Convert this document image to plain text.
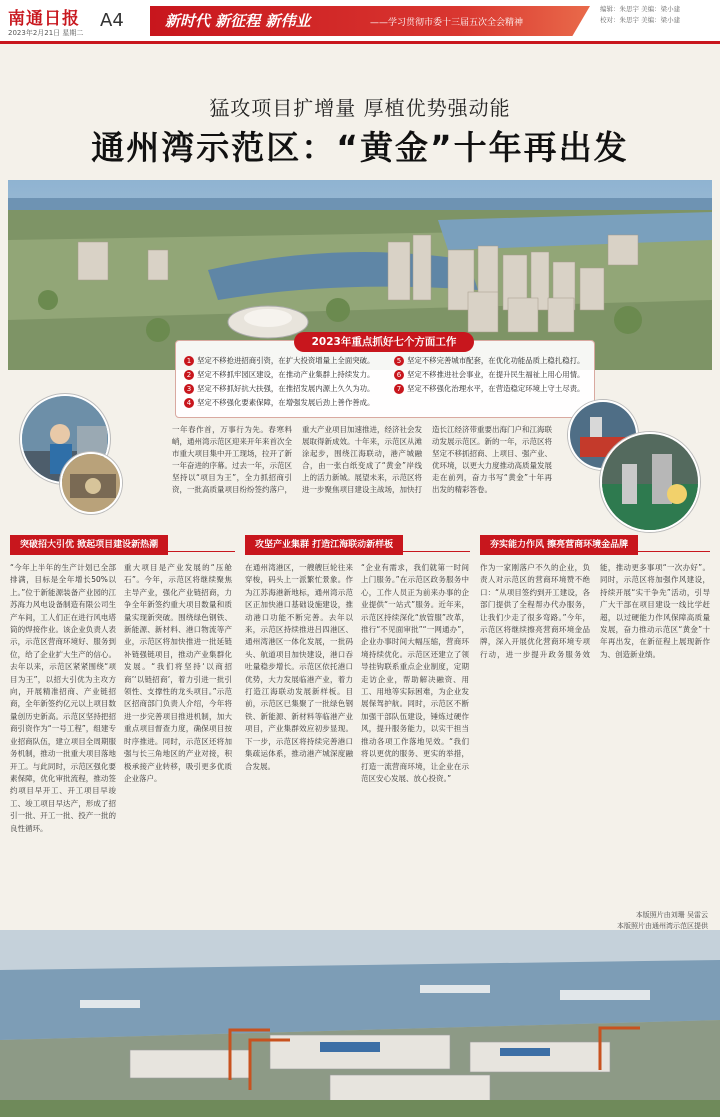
南通日报
2023年2月21日 星期二
A4	新时代 新征程 新伟业	——学习贯彻市委十三届五次全会精神
编辑：朱思宇 美编：梁小建
校对：朱思宇 美编：梁小建
猛攻项目扩增量 厚植优势强动能
通州湾示范区：“黄金”十年再出发
2023年重点抓好七个方面工作
1 坚定不移抢进招商引资，在扩大投资增量上全面突破。
2 坚定不移抓牢园区建设，在推动产业集群上持续发力。
3 坚定不移抓好抗大扶强，在推招发展内源上久久为功。
4 坚定不移强化要素保障，在增强发展后劲上善作善成。
5 坚定不移完善城市配套，在优化功能品质上稳扎稳打。
6 坚定不移推进社会事业，在提升民生福祉上用心用情。
7 坚定不移强化治理水平，在营造稳定环境上守土尽责。
一年春作首，万事行为先。春寒料峭，通州湾示范区迎来开年来首次全市重大项目集中开工现场，拉开了新一年奋进的序幕。过去一年，示范区坚持以“项目为王”，全力抓招商引资，一批高质量项目纷纷签约落户，重大产业项目加速推进，经济社会发展取得新成效。十年来，示范区从滩涂起步，围绕江海联动，港产城融合，由一张白纸变成了“黄金”岸线上的活力新城。展望未来，示范区将进一步聚焦项目建设主战场，加快打造长江经济带重要出海门户和江海联动发展示范区。新的一年，示范区将坚定不移抓招商、上项目、强产业、优环境，以更大力度推动高质量发展走在前列，奋力书写“黄金”十年再出发的精彩答卷。
突破招大引优 掀起项目建设新热潮	攻坚产业集群 打造江海联动新样板	夯实能力作风 擦亮营商环境金品牌
“今年上半年的生产计划已全部排满，目标是全年增长50%以上。”位于新能源装备产业园的江苏海力风电设备制造有限公司生产车间，工人们正在进行风电塔筒的焊接作业。该企业负责人表示，示范区营商环境好、服务到位，给了企业扩大生产的信心。去年以来，示范区紧紧围绕“项目为王”，以招大引优为主攻方向，开展精准招商、产业链招商，全年新签约亿元以上项目数量创历史新高。示范区坚持把招商引资作为“一号工程”，组建专业招商队伍，建立项目全周期服务机制，推动一批重大项目落地开工。与此同时，示范区强化要素保障，优化审批流程，推动签约项目早开工、开工项目早竣工、竣工项目早达产，形成了招引一批、开工一批、投产一批的良性循环。
重大项目是产业发展的“压舱石”。今年，示范区将继续聚焦主导产业，强化产业链招商，力争全年新签约重大项目数量和质量实现新突破。围绕绿色钢铁、新能源、新材料、港口物流等产业，示范区将加快推进一批延链补链强链项目，推动产业集群化发展。“我们将坚持‘以商招商’‘以链招商’，着力引进一批引领性、支撑性的龙头项目。”示范区招商部门负责人介绍，今年将进一步完善项目推进机制，加大重点项目督查力度，确保项目按时序推进。同时，示范区还将加强与长三角地区的产业对接，积极承接产业转移，吸引更多优质企业落户。
在通州湾港区，一艘艘巨轮往来穿梭，码头上一派繁忙景象。作为江苏海港新地标，通州湾示范区正加快港口基础设施建设，推动港口功能不断完善。去年以来，示范区持续推进吕四港区、通州湾港区一体化发展，一批码头、航道项目加快建设，港口吞吐量稳步增长。示范区依托港口优势，大力发展临港产业，着力打造江海联动发展新样板。目前，示范区已集聚了一批绿色钢铁、新能源、新材料等临港产业项目，产业集群效应初步显现。下一步，示范区将持续完善港口集疏运体系，推动港产城深度融合发展。
“企业有需求，我们就第一时间上门服务。”在示范区政务服务中心，工作人员正为前来办事的企业提供“一站式”服务。近年来，示范区持续深化“放管服”改革，推行“不见面审批”“一网通办”，企业办事时间大幅压缩，营商环境持续优化。示范区还建立了领导挂钩联系重点企业制度，定期走访企业，帮助解决融资、用工、用地等实际困难，为企业发展保驾护航。同时，示范区不断加强干部队伍建设，锤炼过硬作风，提升服务能力，以实干担当推动各项工作落地见效。“我们将以更优的服务、更实的举措，打造一流营商环境，让企业在示范区安心发展、放心投资。”
作为一家刚落户不久的企业，负责人对示范区的营商环境赞不绝口：“从项目签约到开工建设，各部门提供了全程帮办代办服务，让我们少走了很多弯路。”今年，示范区将继续擦亮营商环境金品牌，深入开展优化营商环境专项行动，进一步提升政务服务效能，推动更多事项“一次办好”。同时，示范区将加强作风建设，持续开展“实干争先”活动，引导广大干部在项目建设一线比学赶超，以过硬能力作风保障高质量发展，奋力推动示范区“黄金”十年再出发，在新征程上展现新作为、创造新业绩。
本版照片由刘珊 吴雷云
本版照片由通州湾示范区提供
